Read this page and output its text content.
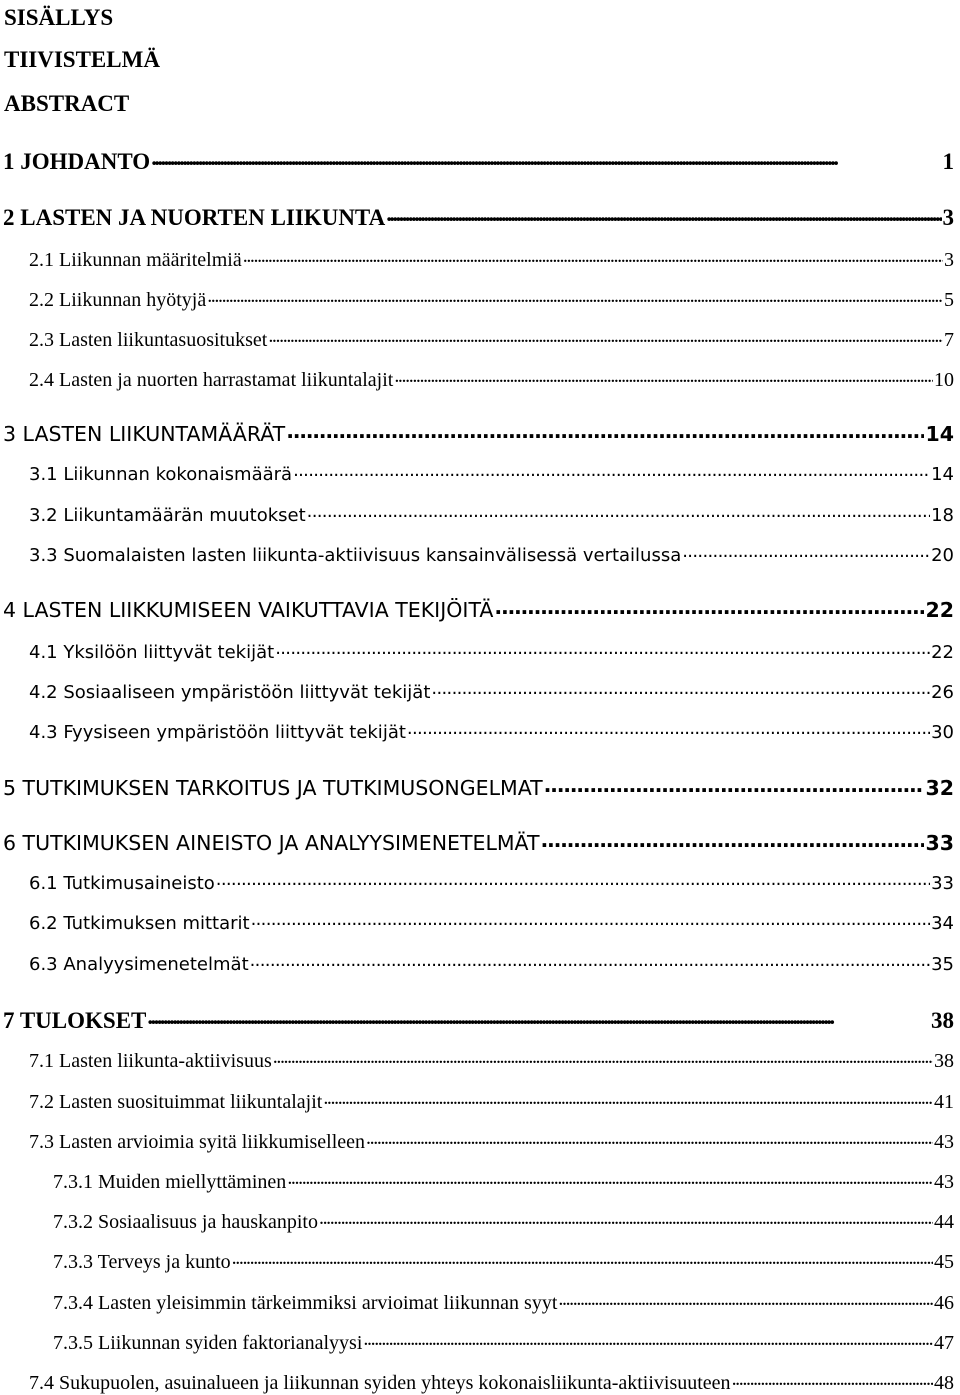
SISÄLLYS
TIIVISTELMÄ
ABSTRACT
1 JOHDANTO . . .	1
2 LASTEN JA NUORTEN LIIKUNTA . . .	3
2.1 Liikunnan määritelmiä . . .	3
2.2 Liikunnan hyötyjä . . .	5
2.3 Lasten liikuntasuositukset . . .	7
2.4 Lasten ja nuorten harrastamat liikuntalajit . . .	10
3 LASTEN LIIKUNTAMÄÄRÄT . . .	14
3.1 Liikunnan kokonaismäärä . . .	14
3.2 Liikuntamäärän muutokset . . .	18
3.3 Suomalaisten lasten liikunta-aktiivisuus kansainvälisessä vertailussa . . .	20
4 LASTEN LIIKKUMISEEN VAIKUTTAVIA TEKIJÖITÄ . . .	22
4.1 Yksilöön liittyvät tekijät . . .	22
4.2 Sosiaaliseen ympäristöön liittyvät tekijät . . .	26
4.3 Fyysiseen ympäristöön liittyvät tekijät . . .	30
5 TUTKIMUKSEN TARKOITUS JA TUTKIMUSONGELMAT . . .	32
6 TUTKIMUKSEN AINEISTO JA ANALYYSIMENETELMÄT . . .	33
6.1 Tutkimusaineisto . . .	33
6.2 Tutkimuksen mittarit . . .	34
6.3 Analyysimenetelmät . . .	35
7 TULOKSET . . .	38
7.1 Lasten liikunta-aktiivisuus . . .	38
7.2 Lasten suosituimmat liikuntalajit . . .	41
7.3 Lasten arvioimia syitä liikkumiselleen . . .	43
7.3.1 Muiden miellyttäminen . . .	43
7.3.2 Sosiaalisuus ja hauskanpito . . .	44
7.3.3 Terveys ja kunto . . .	45
7.3.4 Lasten yleisimmin tärkeimmiksi arvioimat liikunnan syyt . . .	46
7.3.5 Liikunnan syiden faktorianalyysi . . .	47
7.4 Sukupuolen, asuinalueen ja liikunnan syiden yhteys kokonaisliikunta-aktiivisuuteen . . .	48
